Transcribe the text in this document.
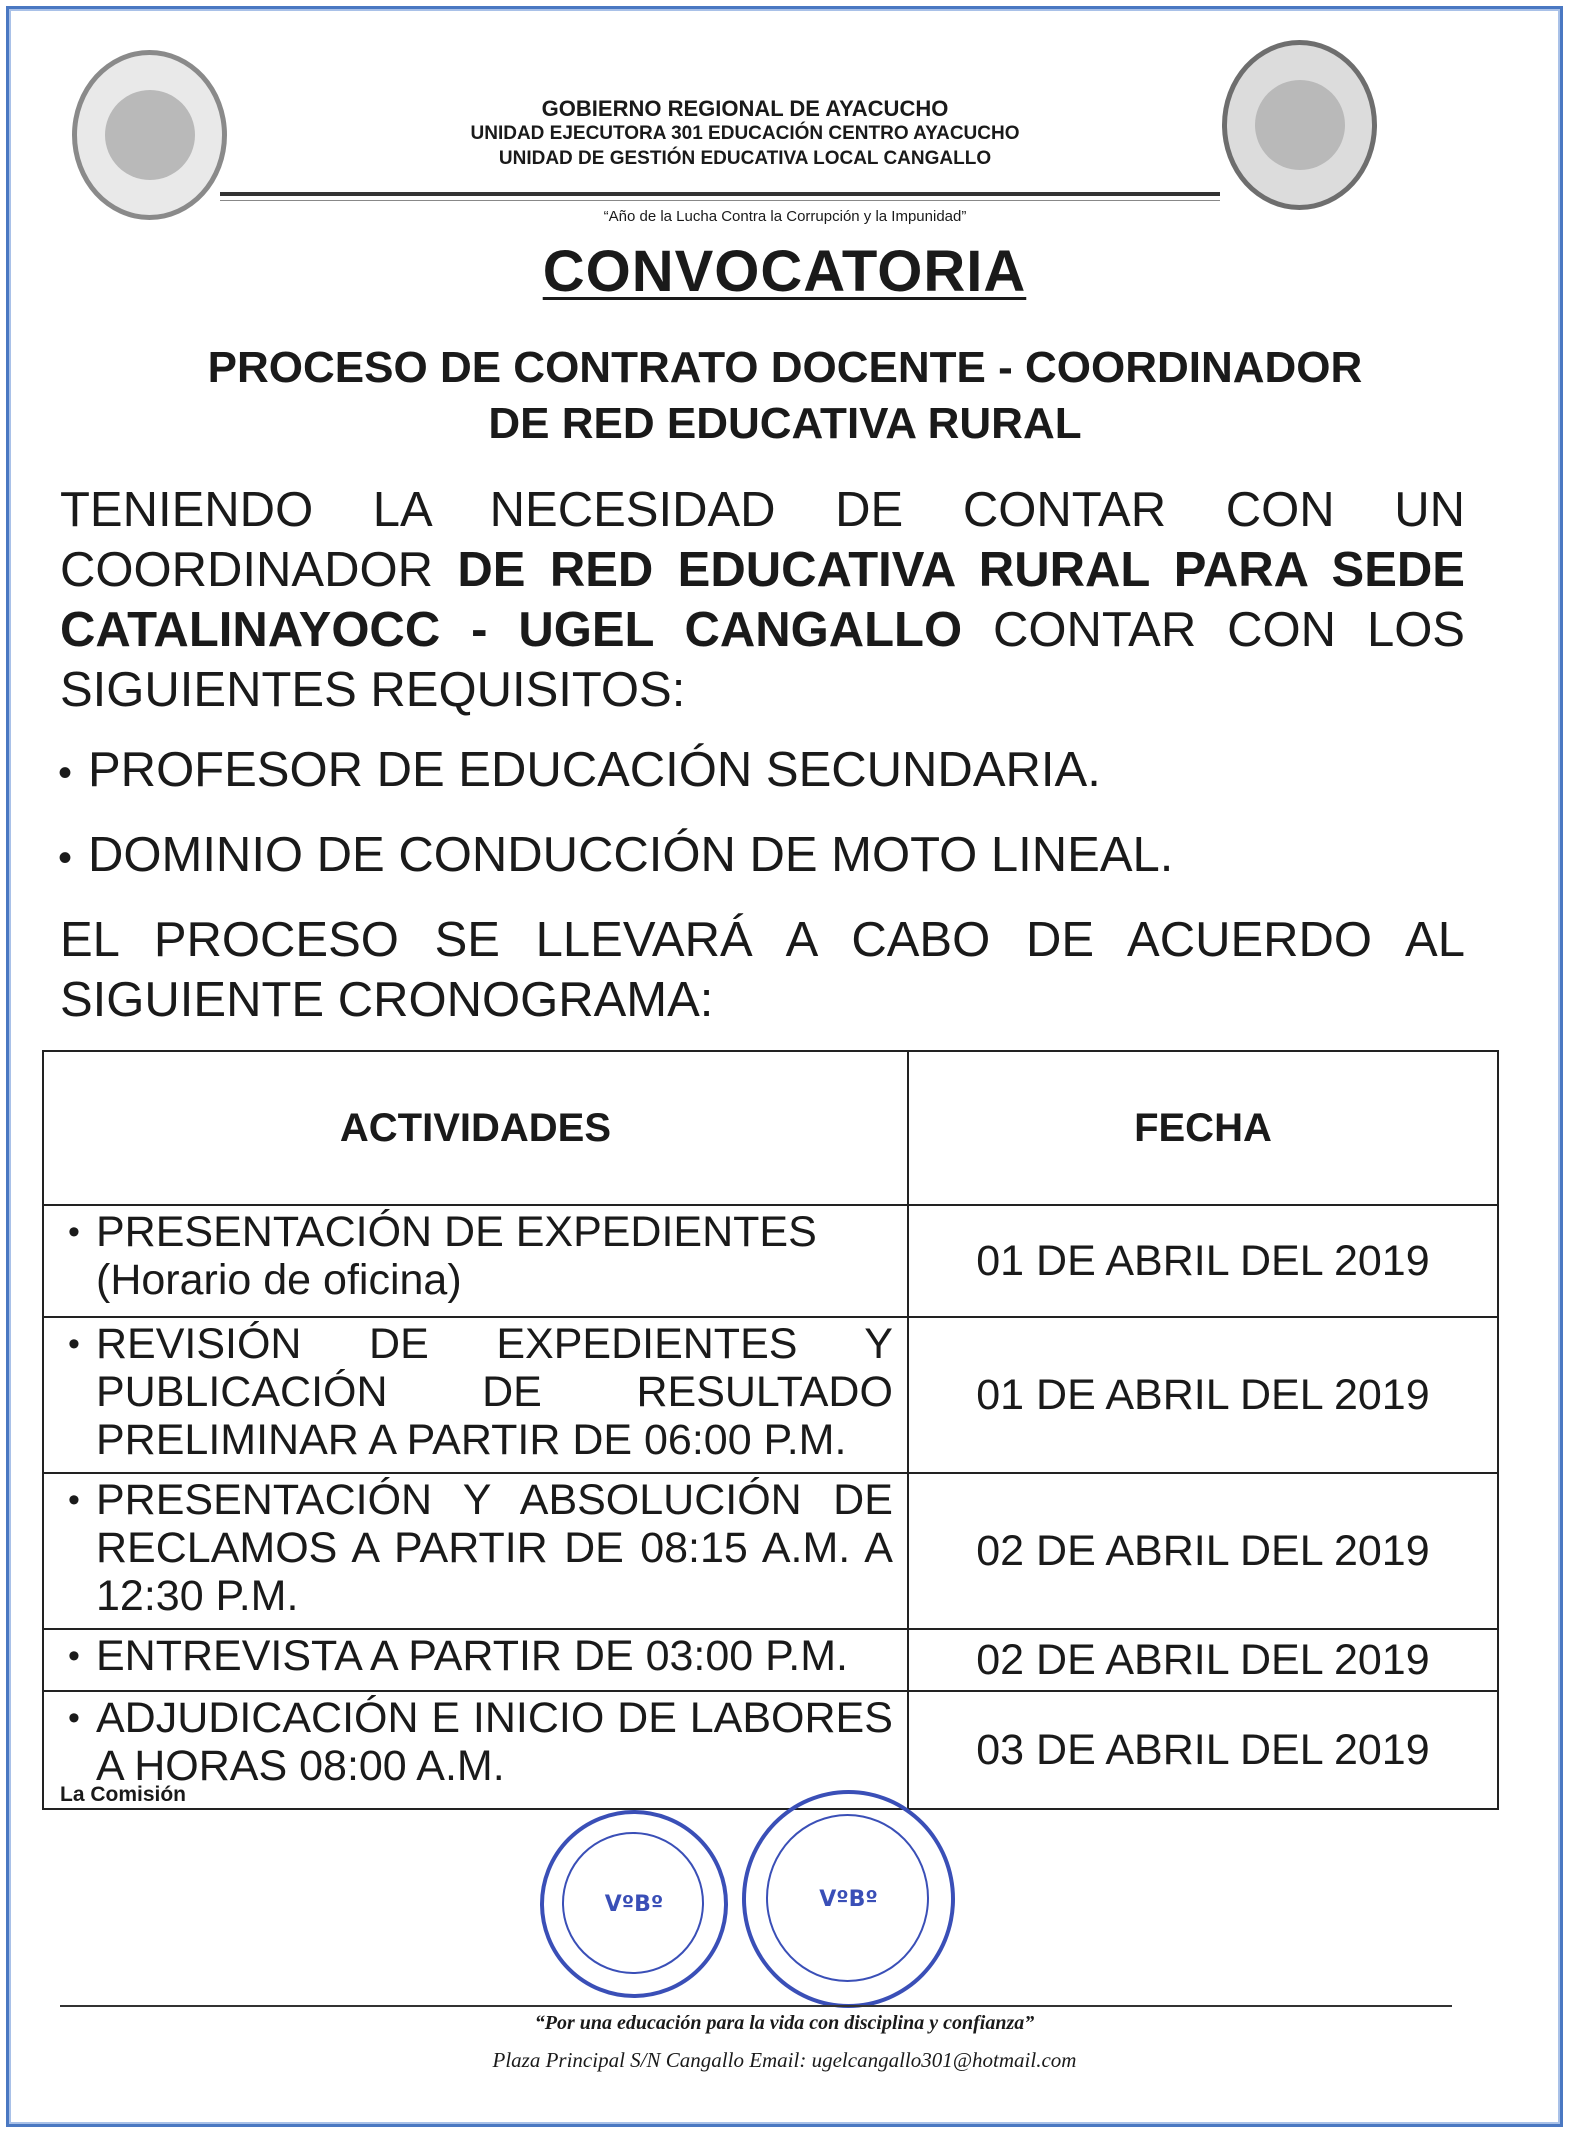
GOBIERNO REGIONAL DE AYACUCHO
UNIDAD EJECUTORA 301 EDUCACIÓN CENTRO AYACUCHO
UNIDAD DE GESTIÓN EDUCATIVA LOCAL CANGALLO
“Año de la Lucha Contra la Corrupción y la Impunidad”
CONVOCATORIA
PROCESO DE CONTRATO DOCENTE - COORDINADOR
DE RED EDUCATIVA RURAL
TENIENDO LA NECESIDAD DE CONTAR CON UN COORDINADOR DE RED EDUCATIVA RURAL PARA SEDE CATALINAYOCC - UGEL CANGALLO CONTAR CON LOS SIGUIENTES REQUISITOS:
• PROFESOR DE EDUCACIÓN SECUNDARIA.
• DOMINIO DE CONDUCCIÓN DE MOTO LINEAL.
EL PROCESO SE LLEVARÁ A CABO DE ACUERDO AL SIGUIENTE CRONOGRAMA:
ACTIVIDADES	FECHA

• PRESENTACIÓN DE EXPEDIENTES
(Horario de oficina)	01 DE ABRIL DEL 2019

• REVISIÓN DE EXPEDIENTES Y PUBLICACIÓN DE RESULTADO PRELIMINAR A PARTIR DE 06:00 P.M.	01 DE ABRIL DEL 2019

• PRESENTACIÓN Y ABSOLUCIÓN DE RECLAMOS A PARTIR DE 08:15 A.M. A 12:30 P.M.	02 DE ABRIL DEL 2019

• ENTREVISTA A PARTIR DE 03:00 P.M.	02 DE ABRIL DEL 2019

• ADJUDICACIÓN E INICIO DE LABORES A HORAS 08:00 A.M.	03 DE ABRIL DEL 2019
La Comisión
VºBº	VºBº
“Por una educación para la vida con disciplina y confianza”
Plaza Principal S/N Cangallo Email: ugelcangallo301@hotmail.com
